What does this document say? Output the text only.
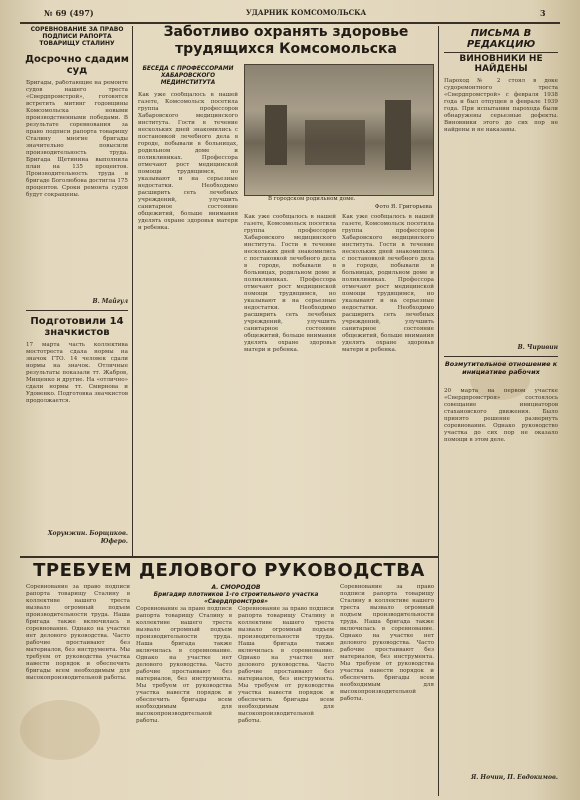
№ 69 (497)	УДАРНИК КОМСОМОЛЬСКА	3
СОРЕВНОВАНИЕ ЗА ПРАВО ПОДПИСИ РАПОРТА ТОВАРИЩУ СТАЛИНУ
Досрочно сдадим суд
Бригады, работающие на ремонте судов нашего треста «Свердпромстрой», готовятся встретить митинг годовщины Комсомольска новыми производственными победами. В результате соревнования за право подписи рапорта товарищу Сталину многие бригады значительно повысили производительность труда. Бригада Щетинина выполнила план на 135 процентов. Производительность труда в бригаде Боголюбова достигла 175 процентов. Сроки ремонта судов будут сокращены.
В. Майгул
Подготовили 14 значкистов
17 марта часть коллектива мостотреста сдала нормы на значок ГТО. 14 человек сдали нормы на значок. Отличные результаты показали тт. Жабров, Мищенко и другие. На «отлично» сдали нормы тт. Смирнова и Удовенко. Подготовка значкистов продолжается.
Хорунжин. Борщиков. Юферо.
Заботливо охранять здоровье трудящихся Комсомольска
БЕСЕДА С ПРОФЕССОРАМИ ХАБАРОВСКОГО МЕДИНСТИТУТА
В городском родильном доме.
Фото Я. Григорьева
Как уже сообщалось в нашей газете, Комсомольск посетила группа профессоров Хабаровского медицинского института. Гости в течение нескольких дней знакомились с постановкой лечебного дела в городе, побывали в больницах, родильном доме и поликлиниках. Профессора отмечают рост медицинской помощи трудящимся, но указывают и на серьезные недостатки. Необходимо расширить сеть лечебных учреждений, улучшить санитарное состояние общежитий, больше внимания уделять охране здоровья матери и ребенка.
Как уже сообщалось в нашей газете, Комсомольск посетила группа профессоров Хабаровского медицинского института. Гости в течение нескольких дней знакомились с постановкой лечебного дела в городе, побывали в больницах, родильном доме и поликлиниках. Профессора отмечают рост медицинской помощи трудящимся, но указывают и на серьезные недостатки. Необходимо расширить сеть лечебных учреждений, улучшить санитарное состояние общежитий, больше внимания уделять охране здоровья матери и ребенка.
Как уже сообщалось в нашей газете, Комсомольск посетила группа профессоров Хабаровского медицинского института. Гости в течение нескольких дней знакомились с постановкой лечебного дела в городе, побывали в больницах, родильном доме и поликлиниках. Профессора отмечают рост медицинской помощи трудящимся, но указывают и на серьезные недостатки. Необходимо расширить сеть лечебных учреждений, улучшить санитарное состояние общежитий, больше внимания уделять охране здоровья матери и ребенка.
ПИСЬМА В РЕДАКЦИЮ
ВИНОВНИКИ НЕ НАЙДЕНЫ
Пароход № 2 стоял в доке судоремонтного треста «Свердпромстрой» с февраля 1938 года и был отпущен в феврале 1939 года. При испытании парохода были обнаружены серьезные дефекты. Виновники этого до сих пор не найдены и не наказаны.
В. Чиривин
Возмутительное отношение к инициативе рабочих
20 марта на первом участке «Свердпромстроя» состоялось совещание инициаторов стахановского движения. Было принято решение развернуть соревнование. Однако руководство участка до сих пор не оказало помощи в этом деле.
Я. Ночин, П. Евдокимов.
ТРЕБУЕМ ДЕЛОВОГО РУКОВОДСТВА
А. СМОРОДОВ
Бригадир плотников 1-го строительного участка «Свердпромстроя»
Соревнование за право подписи рапорта товарищу Сталину в коллективе нашего треста вызвало огромный подъем производительности труда. Наша бригада также включилась в соревнование. Однако на участке нет делового руководства. Часто рабочие простаивают без материалов, без инструмента. Мы требуем от руководства участка навести порядок и обеспечить бригады всем необходимым для высокопроизводительной работы.
Соревнование за право подписи рапорта товарищу Сталину в коллективе нашего треста вызвало огромный подъем производительности труда. Наша бригада также включилась в соревнование. Однако на участке нет делового руководства. Часто рабочие простаивают без материалов, без инструмента. Мы требуем от руководства участка навести порядок и обеспечить бригады всем необходимым для высокопроизводительной работы.
Соревнование за право подписи рапорта товарищу Сталину в коллективе нашего треста вызвало огромный подъем производительности труда. Наша бригада также включилась в соревнование. Однако на участке нет делового руководства. Часто рабочие простаивают без материалов, без инструмента. Мы требуем от руководства участка навести порядок и обеспечить бригады всем необходимым для высокопроизводительной работы.
Соревнование за право подписи рапорта товарищу Сталину в коллективе нашего треста вызвало огромный подъем производительности труда. Наша бригада также включилась в соревнование. Однако на участке нет делового руководства. Часто рабочие простаивают без материалов, без инструмента. Мы требуем от руководства участка навести порядок и обеспечить бригады всем необходимым для высокопроизводительной работы.
